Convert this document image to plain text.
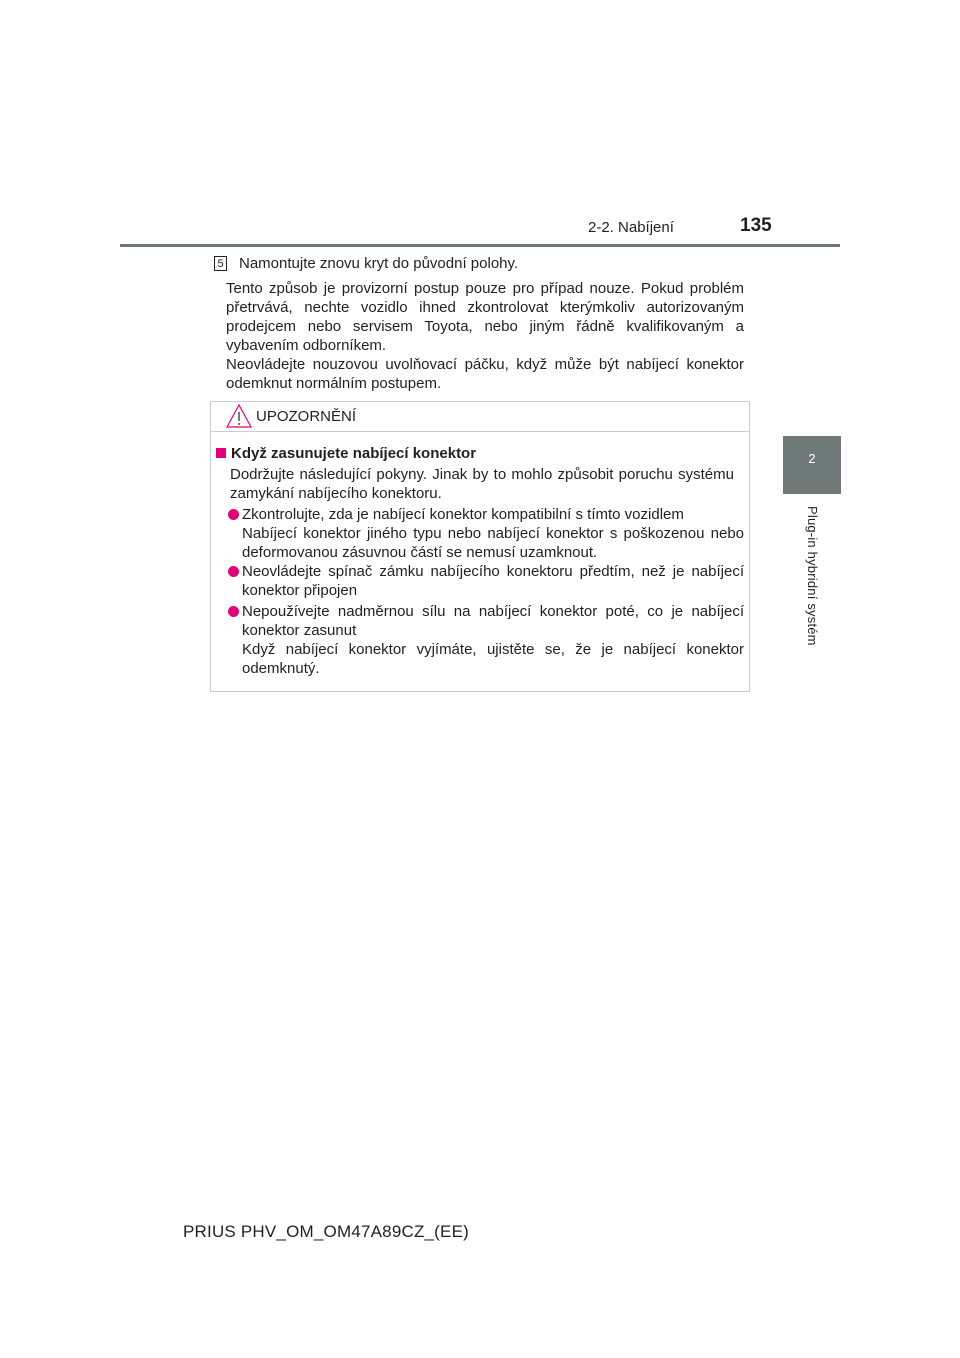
2-2. Nabíjení	135
2
Plug-in hybridní systém
5 Namontujte znovu kryt do původní polohy.
Tento způsob je provizorní postup pouze pro případ nouze. Pokud problém přetrvává, nechte vozidlo ihned zkontrolovat kterýmkoliv autorizovaným prodejcem nebo servisem Toyota, nebo jiným řádně kvalifikovaným a vybavením odborníkem.
Neovládejte nouzovou uvolňovací páčku, když může být nabíjecí konektor odemknut normálním postupem.
UPOZORNĚNÍ
Když zasunujete nabíjecí konektor
Dodržujte následující pokyny. Jinak by to mohlo způsobit poruchu systému zamykání nabíjecího konektoru.
Zkontrolujte, zda je nabíjecí konektor kompatibilní s tímto vozidlem
Nabíjecí konektor jiného typu nebo nabíjecí konektor s poškozenou nebo deformovanou zásuvnou částí se nemusí uzamknout.
Neovládejte spínač zámku nabíjecího konektoru předtím, než je nabíjecí konektor připojen
Nepoužívejte nadměrnou sílu na nabíjecí konektor poté, co je nabíjecí konektor zasunut
Když nabíjecí konektor vyjímáte, ujistěte se, že je nabíjecí konektor odemknutý.
PRIUS PHV_OM_OM47A89CZ_(EE)
